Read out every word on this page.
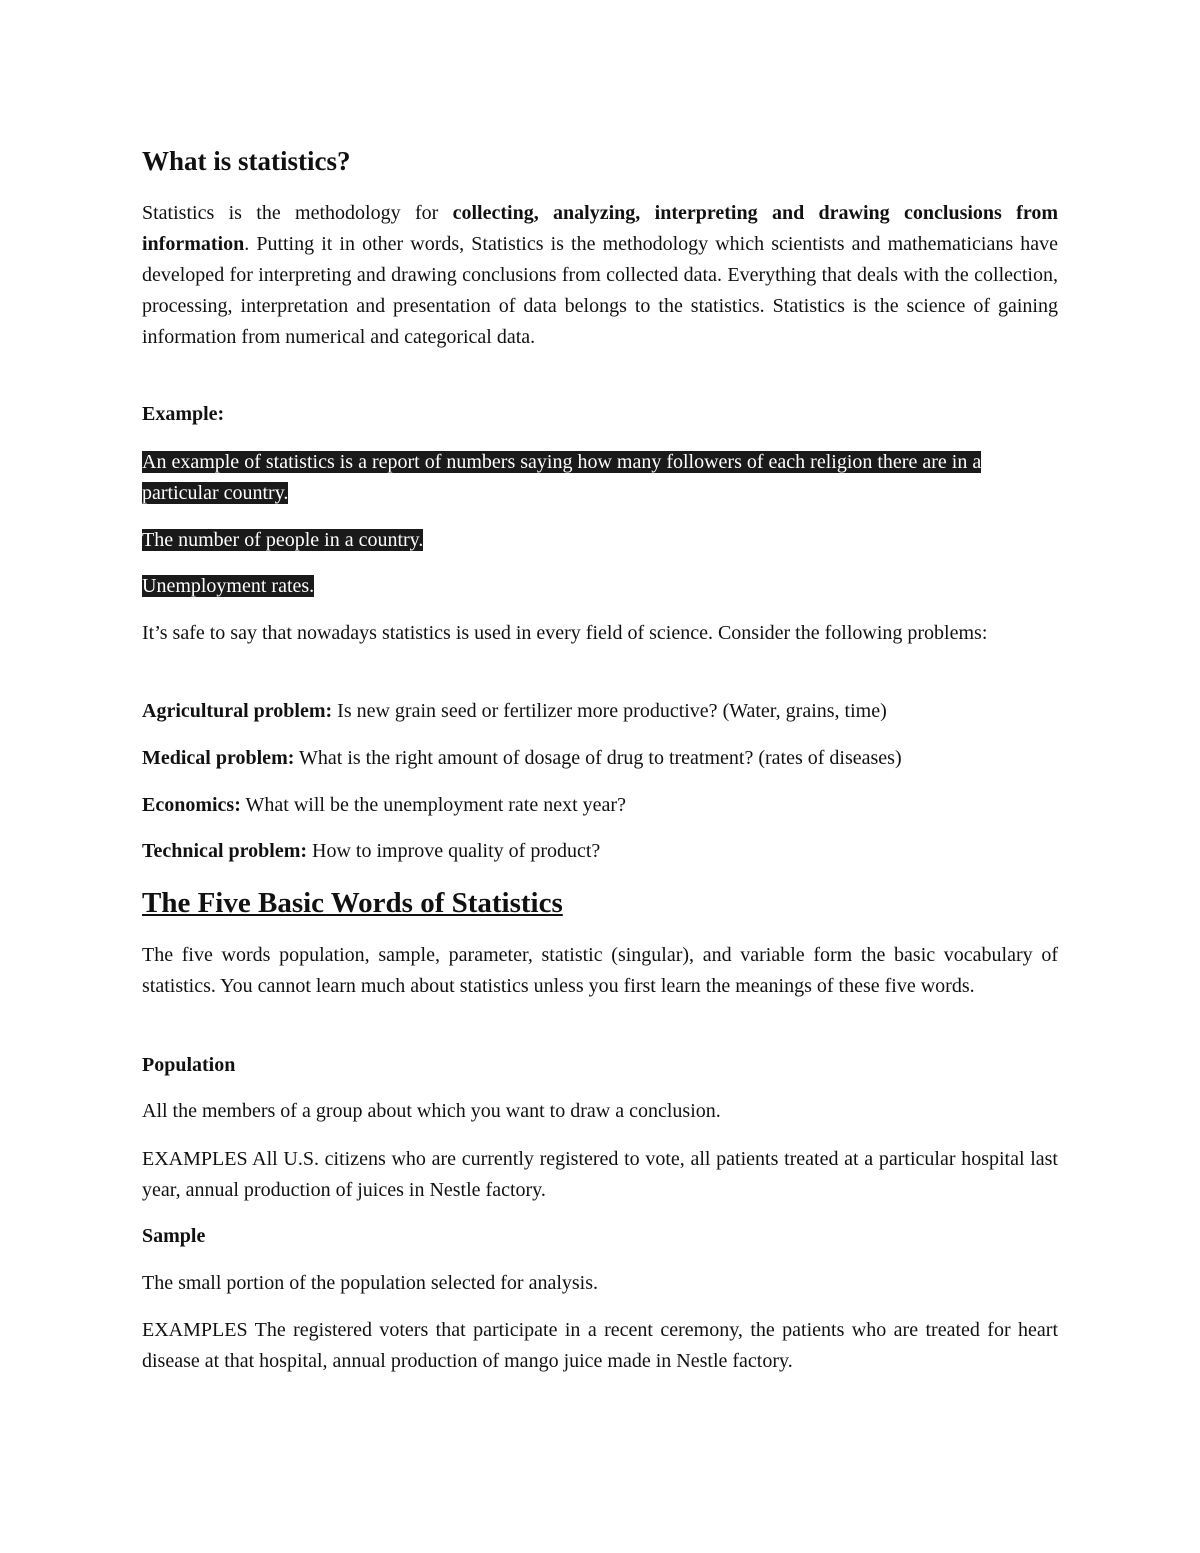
What is statistics?

Statistics is the methodology for collecting, analyzing, interpreting and drawing conclusions from information. Putting it in other words, Statistics is the methodology which scientists and mathematicians have developed for interpreting and drawing conclusions from collected data. Everything that deals with the collection, processing, interpretation and presentation of data belongs to the statistics. Statistics is the science of gaining information from numerical and categorical data.

Example:

An example of statistics is a report of numbers saying how many followers of each religion there are in a particular country.

The number of people in a country.

Unemployment rates.

It’s safe to say that nowadays statistics is used in every field of science. Consider the following problems:

Agricultural problem: Is new grain seed or fertilizer more productive? (Water, grains, time)

Medical problem: What is the right amount of dosage of drug to treatment? (rates of diseases)

Economics: What will be the unemployment rate next year?

Technical problem: How to improve quality of product?

The Five Basic Words of Statistics

The five words population, sample, parameter, statistic (singular), and variable form the basic vocabulary of statistics. You cannot learn much about statistics unless you first learn the meanings of these five words.

Population

All the members of a group about which you want to draw a conclusion.

EXAMPLES All U.S. citizens who are currently registered to vote, all patients treated at a particular hospital last year, annual production of juices in Nestle factory.

Sample

The small portion of the population selected for analysis.

EXAMPLES The registered voters that participate in a recent ceremony, the patients who are treated for heart disease at that hospital, annual production of mango juice made in Nestle factory.
